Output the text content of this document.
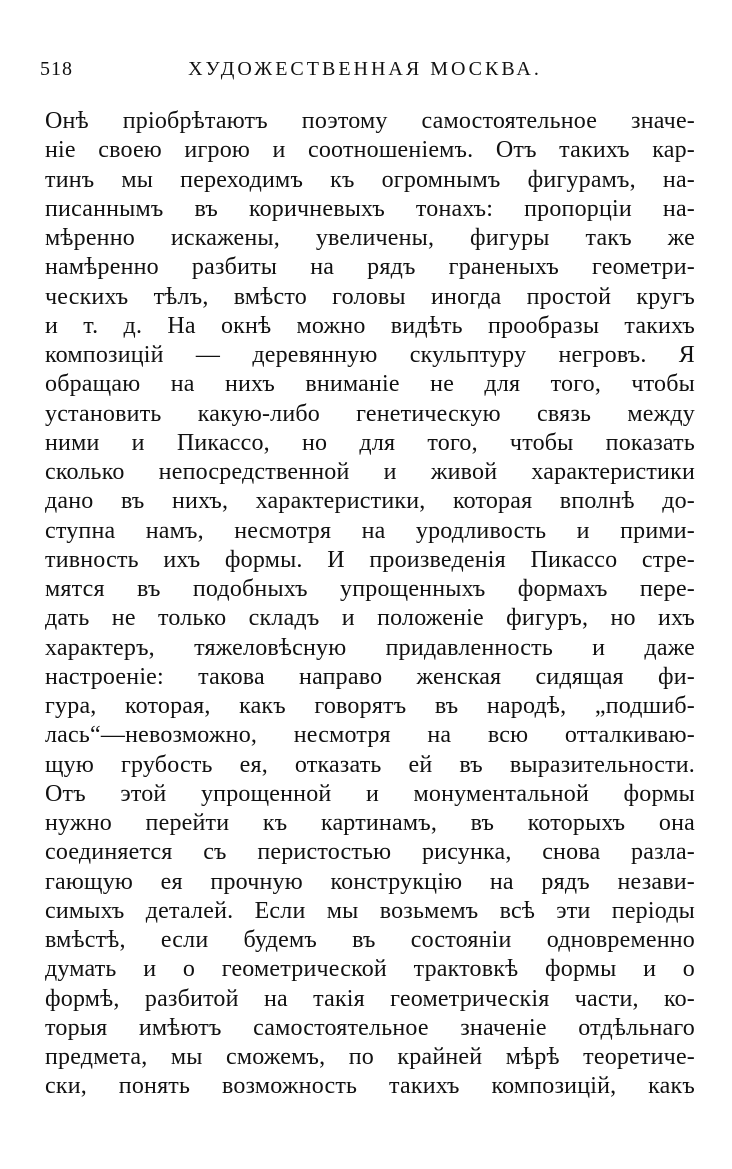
518	ХУДОЖЕСТВЕННАЯ МОСКВА.
Онѣ пріобрѣтаютъ поэтому самостоятельное значе-
ніе своею игрою и соотношеніемъ. Отъ такихъ кар-
тинъ мы переходимъ къ огромнымъ фигурамъ, на-
писаннымъ въ коричневыхъ тонахъ: пропорціи на-
мѣренно искажены, увеличены, фигуры такъ же
намѣренно разбиты на рядъ граненыхъ геометри-
ческихъ тѣлъ, вмѣсто головы иногда простой кругъ
и т. д. На окнѣ можно видѣть прообразы такихъ
композицій — деревянную скульптуру негровъ. Я
обращаю на нихъ вниманіе не для того, чтобы
установить какую-либо генетическую связь между
ними и Пикассо, но для того, чтобы показать
сколько непосредственной и живой характеристики
дано въ нихъ, характеристики, которая вполнѣ до-
ступна намъ, несмотря на уродливость и прими-
тивность ихъ формы. И произведенія Пикассо стре-
мятся въ подобныхъ упрощенныхъ формахъ пере-
дать не только складъ и положеніе фигуръ, но ихъ
характеръ, тяжеловѣсную придавленность и даже
настроеніе: такова направо женская сидящая фи-
гура, которая, какъ говорятъ въ народѣ, „подшиб-
лась“—невозможно, несмотря на всю отталкиваю-
щую грубость ея, отказать ей въ выразительности.
Отъ этой упрощенной и монументальной формы
нужно перейти къ картинамъ, въ которыхъ она
соединяется съ перистостью рисунка, снова разла-
гающую ея прочную конструкцію на рядъ незави-
симыхъ деталей. Если мы возьмемъ всѣ эти періоды
вмѣстѣ, если будемъ въ состояніи одновременно
думать и о геометрической трактовкѣ формы и о
формѣ, разбитой на такія геометрическія части, ко-
торыя имѣютъ самостоятельное значеніе отдѣльнаго
предмета, мы сможемъ, по крайней мѣрѣ теоретиче-
ски, понять возможность такихъ композицій, какъ
